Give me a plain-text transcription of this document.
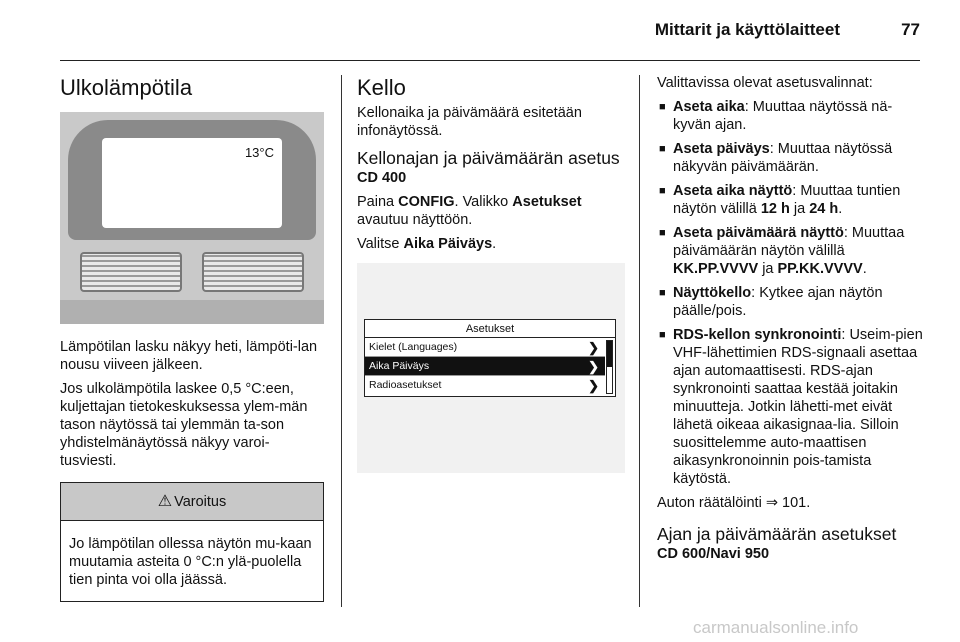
Mittarit ja käyttölaitteet	77
Ulkolämpötila
13°C

Lämpötilan lasku näkyy heti, lämpöti-lan nousu viiveen jälkeen.

Jos ulkolämpötila laskee 0,5 °C:een, kuljettajan tietokeskuksessa ylem-män tason näytössä tai ylemmän ta-son yhdistelmänäytössä näkyy varoi-tusviesti.

⚠ Varoitus
Jo lämpötilan ollessa näytön mu-kaan muutamia asteita 0 °C:n ylä-puolella tien pinta voi olla jäässä.
Kello

Kellonaika ja päivämäärä esitetään infonäytössä.

Kellonajan ja päivämäärän asetus
CD 400

Paina CONFIG. Valikko Asetukset avautuu näyttöön.

Valitse Aika Päiväys.

Asetukset
Kielet (Languages)	❯
Aika Päiväys	❯
Radioasetukset	❯

Valittavissa olevat asetusvalinnat:

■ Aseta aika: Muuttaa näytössä nä-kyvän ajan.
■ Aseta päiväys: Muuttaa näytössä näkyvän päivämäärän.
■ Aseta aika näyttö: Muuttaa tuntien näytön välillä 12 h ja 24 h.
■ Aseta päivämäärä näyttö: Muuttaa päivämäärän näytön välillä KK.PP.VVVV ja PP.KK.VVVV.
■ Näyttökello: Kytkee ajan näytön päälle/pois.
■ RDS-kellon synkronointi: Useim-pien VHF-lähettimien RDS-signaali asettaa ajan automaattisesti. RDS-ajan synkronointi saattaa kestää joitakin minuutteja. Jotkin lähetti-met eivät lähetä oikeaa aikasignaa-lia. Silloin suosittelemme auto-maattisen aikasynkronoinnin pois-tamista käytöstä.

Auton räätälöinti ⇒ 101.

Ajan ja päivämäärän asetukset
CD 600/Navi 950
carmanualsonline.info
